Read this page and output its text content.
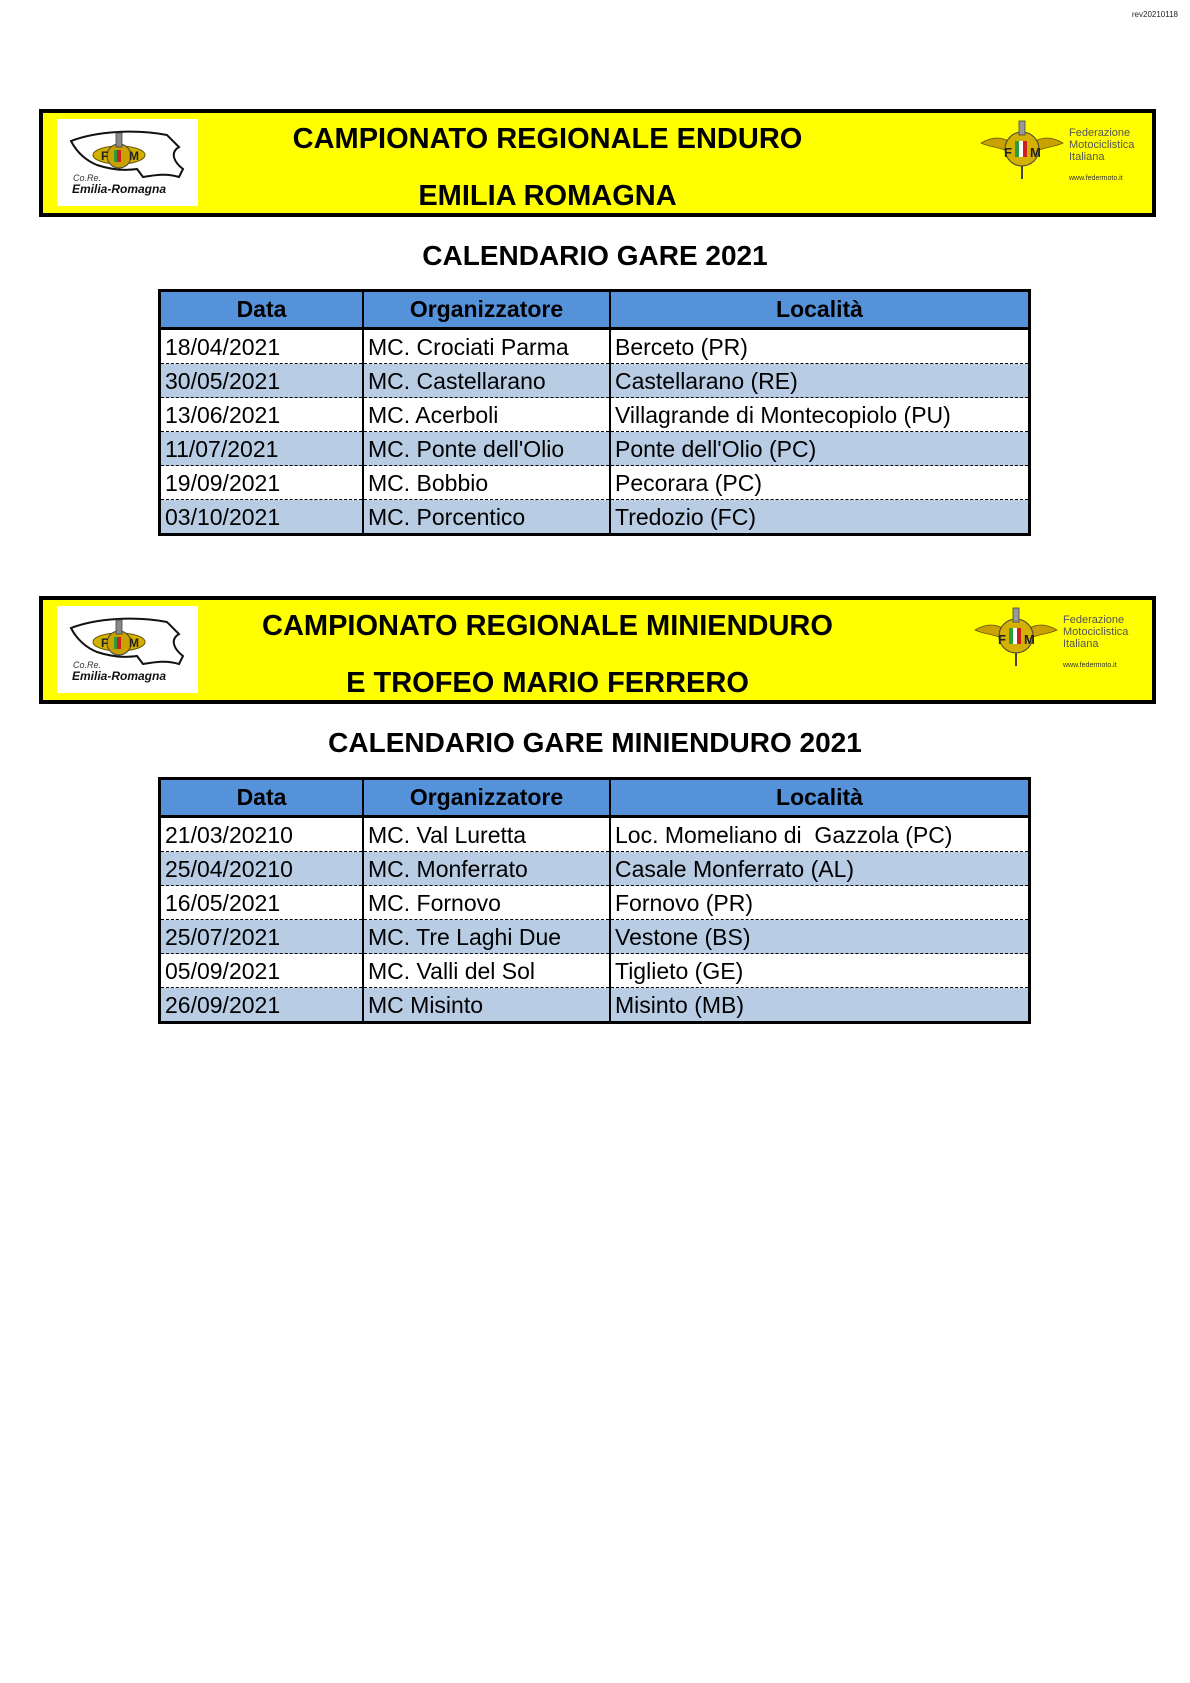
rev20210118
F M
Co.Re.
Emilia-Romagna
CAMPIONATO REGIONALE ENDURO
EMILIA ROMAGNA
F M
Federazione
Motociclistica
Italiana
www.federmoto.it
CALENDARIO GARE 2021
Data	Organizzatore	Località
18/04/2021	MC. Crociati Parma	Berceto (PR)
30/05/2021	MC. Castellarano	Castellarano (RE)
13/06/2021	MC. Acerboli	Villagrande di Montecopiolo (PU)
11/07/2021	MC. Ponte dell'Olio	Ponte dell'Olio (PC)
19/09/2021	MC. Bobbio	Pecorara (PC)
03/10/2021	MC. Porcentico	Tredozio (FC)
F M
Co.Re.
Emilia-Romagna
CAMPIONATO REGIONALE MINIENDURO
E TROFEO MARIO FERRERO
F M
Federazione
Motociclistica
Italiana
www.federmoto.it
CALENDARIO GARE MINIENDURO 2021
Data	Organizzatore	Località
21/03/20210	MC. Val Luretta	Loc. Momeliano di  Gazzola (PC)
25/04/20210	MC. Monferrato	Casale Monferrato (AL)
16/05/2021	MC. Fornovo	Fornovo (PR)
25/07/2021	MC. Tre Laghi Due	Vestone (BS)
05/09/2021	MC. Valli del Sol	Tiglieto (GE)
26/09/2021	MC Misinto	Misinto (MB)
